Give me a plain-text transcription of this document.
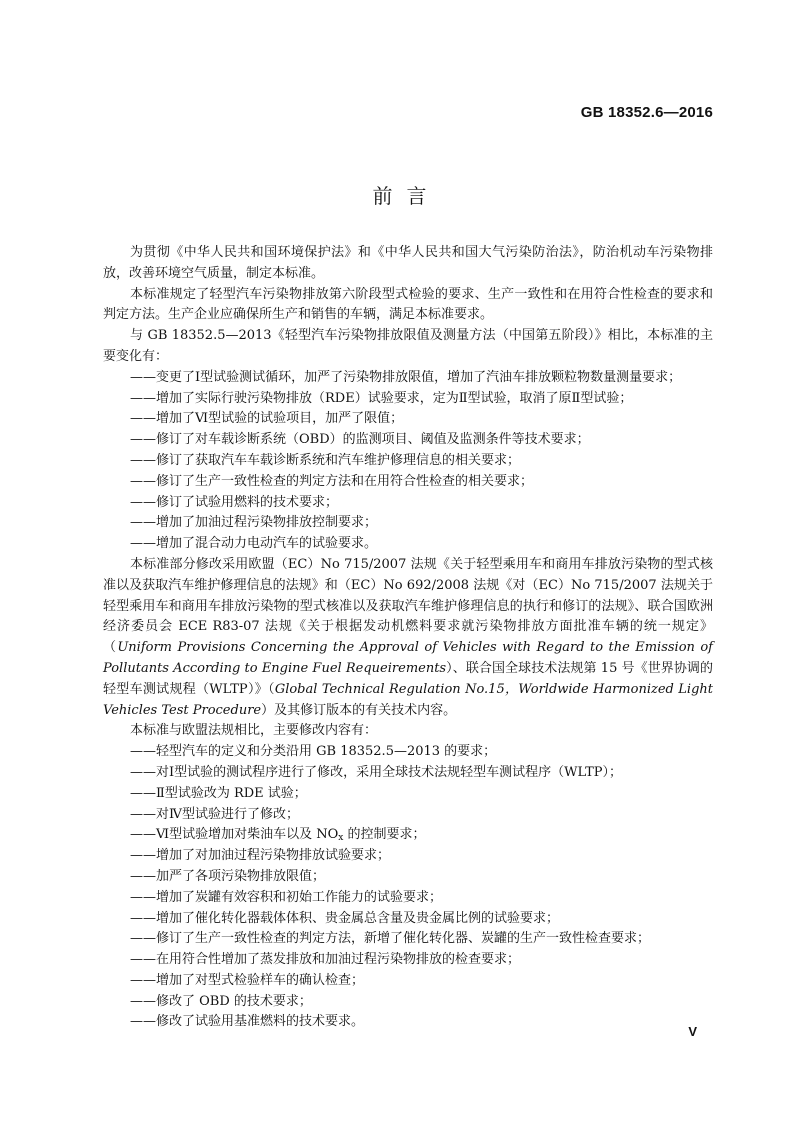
GB 18352.6—2016
前言

为贯彻《中华人民共和国环境保护法》和《中华人民共和国大气污染防治法》，防治机动车污染物排放，改善环境空气质量，制定本标准。

本标准规定了轻型汽车污染物排放第六阶段型式检验的要求、生产一致性和在用符合性检查的要求和判定方法。生产企业应确保所生产和销售的车辆，满足本标准要求。

与 GB 18352.5—2013《轻型汽车污染物排放限值及测量方法（中国第五阶段）》相比，本标准的主要变化有：

——变更了Ⅰ型试验测试循环，加严了污染物排放限值，增加了汽油车排放颗粒物数量测量要求；

——增加了实际行驶污染物排放（RDE）试验要求，定为Ⅱ型试验，取消了原Ⅱ型试验；

——增加了Ⅵ型试验的试验项目，加严了限值；

——修订了对车载诊断系统（OBD）的监测项目、阈值及监测条件等技术要求；

——修订了获取汽车车载诊断系统和汽车维护修理信息的相关要求；

——修订了生产一致性检查的判定方法和在用符合性检查的相关要求；

——修订了试验用燃料的技术要求；

——增加了加油过程污染物排放控制要求；

——增加了混合动力电动汽车的试验要求。

本标准部分修改采用欧盟（EC）No 715/2007 法规《关于轻型乘用车和商用车排放污染物的型式核准以及获取汽车维护修理信息的法规》和（EC）No 692/2008 法规《对（EC）No 715/2007 法规关于轻型乘用车和商用车排放污染物的型式核准以及获取汽车维护修理信息的执行和修订的法规》、联合国欧洲经济委员会 ECE R83-07 法规《关于根据发动机燃料要求就污染物排放方面批准车辆的统一规定》（Uniform Provisions Concerning the Approval of Vehicles with Regard to the Emission of Pollutants According to Engine Fuel Requeirements）、联合国全球技术法规第 15 号《世界协调的轻型车测试规程（WLTP）》（Global Technical Regulation No.15，Worldwide Harmonized Light Vehicles Test Procedure）及其修订版本的有关技术内容。

本标准与欧盟法规相比，主要修改内容有：

——轻型汽车的定义和分类沿用 GB 18352.5—2013 的要求；

——对Ⅰ型试验的测试程序进行了修改，采用全球技术法规轻型车测试程序（WLTP）；

——Ⅱ型试验改为 RDE 试验；

——对Ⅳ型试验进行了修改；

——Ⅵ型试验增加对柴油车以及 $NO_x$ 的控制要求；

——增加了对加油过程污染物排放试验要求；

——加严了各项污染物排放限值；

——增加了炭罐有效容积和初始工作能力的试验要求；

——增加了催化转化器载体体积、贵金属总含量及贵金属比例的试验要求；

——修订了生产一致性检查的判定方法，新增了催化转化器、炭罐的生产一致性检查要求；

——在用符合性增加了蒸发排放和加油过程污染物排放的检查要求；

——增加了对型式检验样车的确认检查；

——修改了 OBD 的技术要求；

——修改了试验用基准燃料的技术要求。

V
